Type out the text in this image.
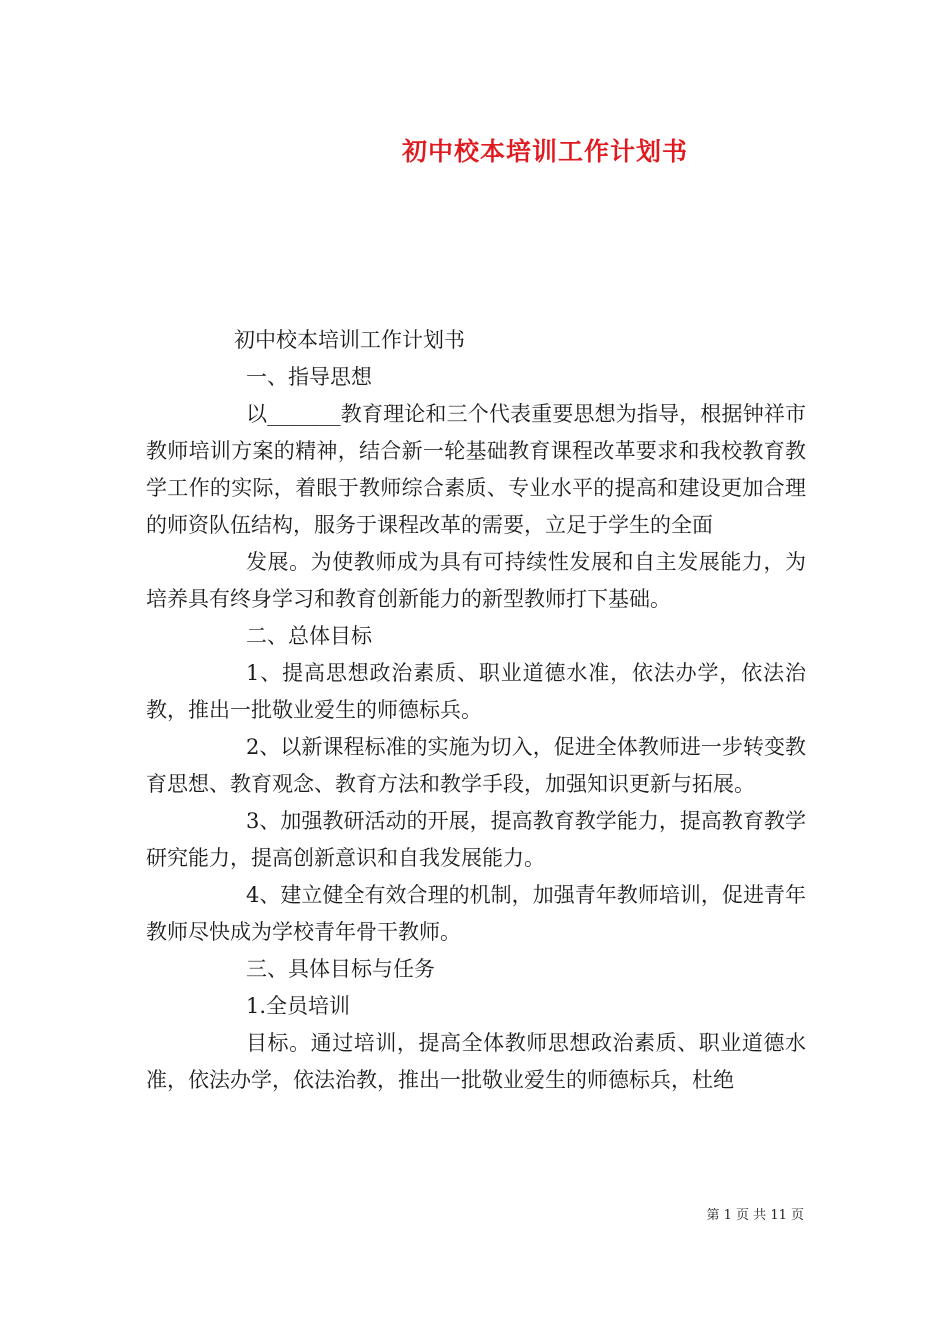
初中校本培训工作计划书

初中校本培训工作计划书

一、指导思想

以_______教育理论和三个代表重要思想为指导，根据钟祥市教师培训方案的精神，结合新一轮基础教育课程改革要求和我校教育教学工作的实际，着眼于教师综合素质、专业水平的提高和建设更加合理的师资队伍结构，服务于课程改革的需要，立足于学生的全面

发展。为使教师成为具有可持续性发展和自主发展能力，为培养具有终身学习和教育创新能力的新型教师打下基础。

二、总体目标

1、提高思想政治素质、职业道德水准，依法办学，依法治教，推出一批敬业爱生的师德标兵。

2、以新课程标准的实施为切入，促进全体教师进一步转变教育思想、教育观念、教育方法和教学手段，加强知识更新与拓展。

3、加强教研活动的开展，提高教育教学能力，提高教育教学研究能力，提高创新意识和自我发展能力。

4、建立健全有效合理的机制，加强青年教师培训，促进青年教师尽快成为学校青年骨干教师。

三、具体目标与任务

1.全员培训

目标。通过培训，提高全体教师思想政治素质、职业道德水准，依法办学，依法治教，推出一批敬业爱生的师德标兵，杜绝

第 1 页 共 11 页
